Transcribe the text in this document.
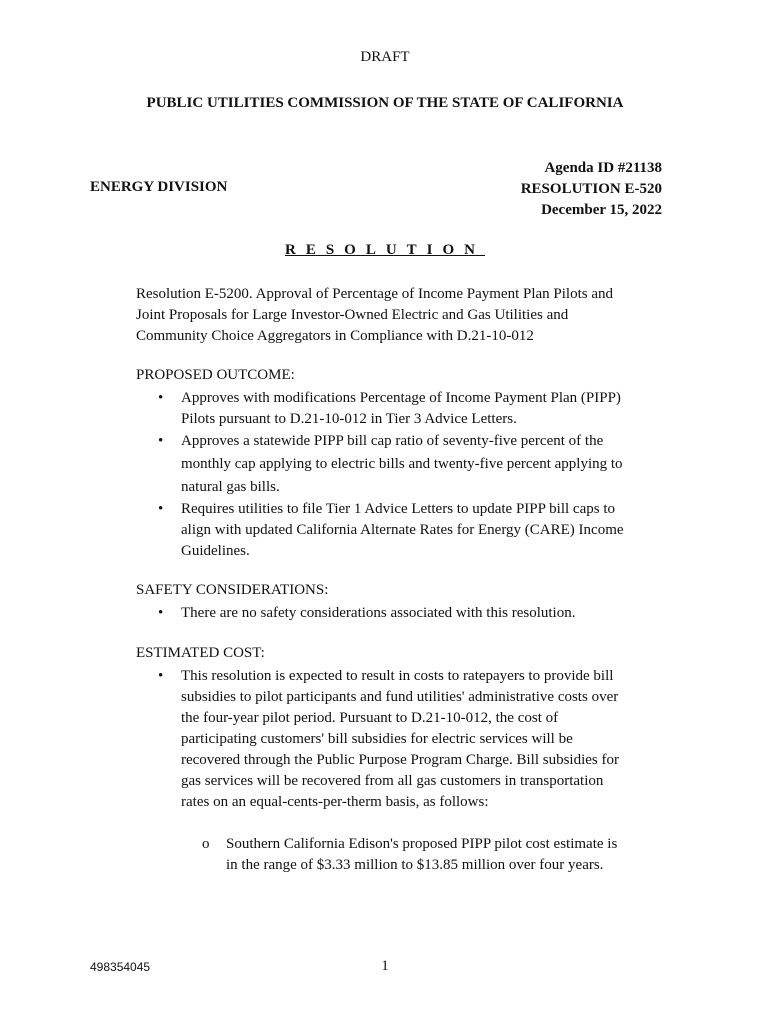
DRAFT
PUBLIC UTILITIES COMMISSION OF THE STATE OF CALIFORNIA
Agenda ID #21138
ENERGY DIVISION	RESOLUTION E-520
December 15, 2022
RESOLUTION
Resolution E-5200. Approval of Percentage of Income Payment Plan Pilots and Joint Proposals for Large Investor-Owned Electric and Gas Utilities and Community Choice Aggregators in Compliance with D.21-10-012
PROPOSED OUTCOME:
• Approves with modifications Percentage of Income Payment Plan (PIPP) Pilots pursuant to D.21-10-012 in Tier 3 Advice Letters.
• Approves a statewide PIPP bill cap ratio of seventy-five percent of the monthly cap applying to electric bills and twenty-five percent applying to natural gas bills.
• Requires utilities to file Tier 1 Advice Letters to update PIPP bill caps to align with updated California Alternate Rates for Energy (CARE) Income Guidelines.
SAFETY CONSIDERATIONS:
• There are no safety considerations associated with this resolution.
ESTIMATED COST:
• This resolution is expected to result in costs to ratepayers to provide bill subsidies to pilot participants and fund utilities' administrative costs over the four-year pilot period. Pursuant to D.21-10-012, the cost of participating customers' bill subsidies for electric services will be recovered through the Public Purpose Program Charge. Bill subsidies for gas services will be recovered from all gas customers in transportation rates on an equal-cents-per-therm basis, as follows:
o Southern California Edison's proposed PIPP pilot cost estimate is in the range of $3.33 million to $13.85 million over four years.
498354045	1
